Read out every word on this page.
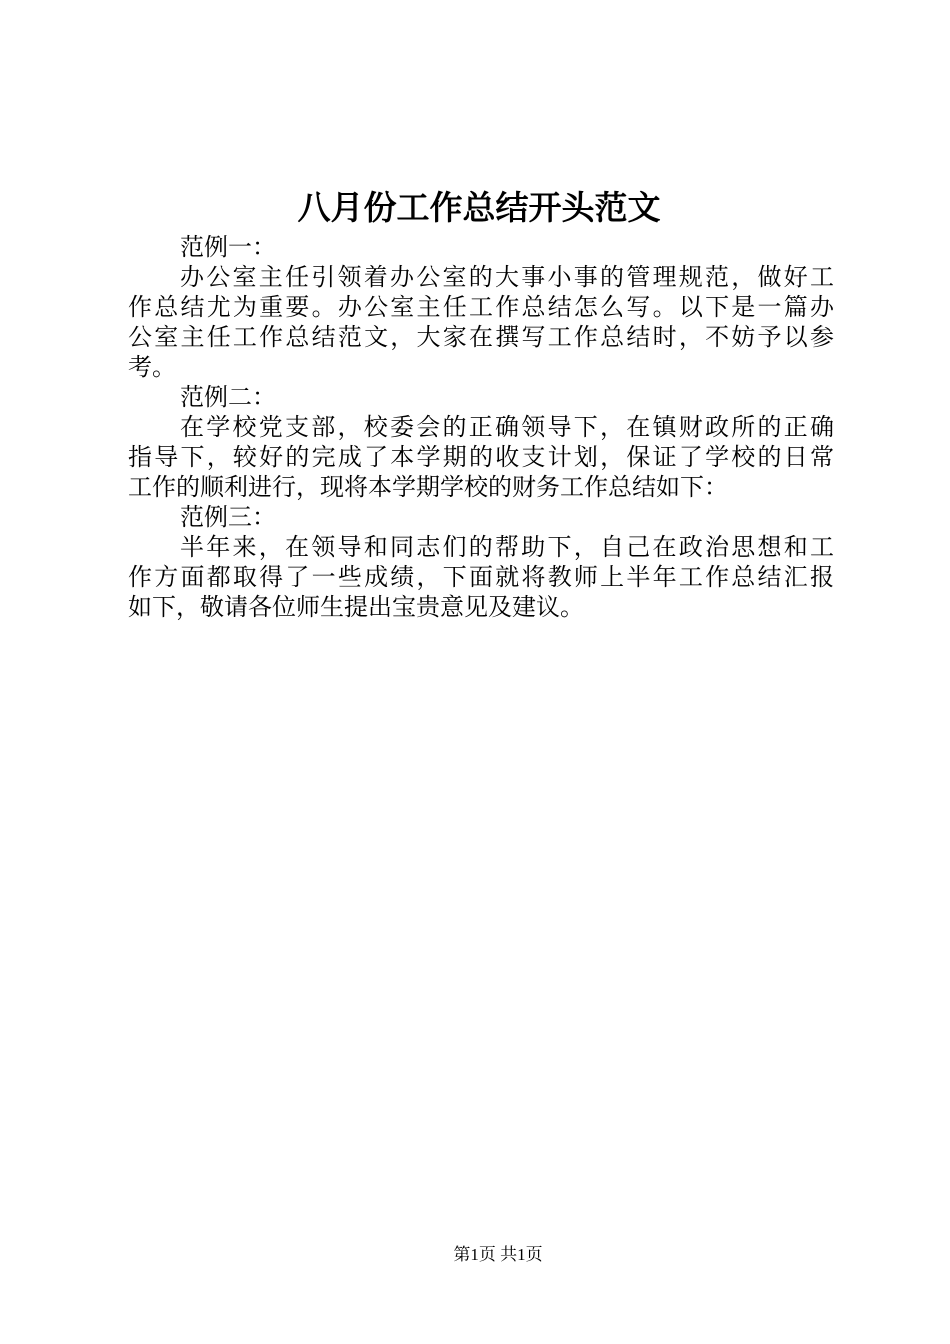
八月份工作总结开头范文
范例一：
办公室主任引领着办公室的大事小事的管理规范，做好工
作总结尤为重要。办公室主任工作总结怎么写。以下是一篇办
公室主任工作总结范文，大家在撰写工作总结时，不妨予以参
考。
范例二：
在学校党支部，校委会的正确领导下，在镇财政所的正确
指导下，较好的完成了本学期的收支计划，保证了学校的日常
工作的顺利进行，现将本学期学校的财务工作总结如下：
范例三：
半年来，在领导和同志们的帮助下，自己在政治思想和工
作方面都取得了一些成绩，下面就将教师上半年工作总结汇报
如下，敬请各位师生提出宝贵意见及建议。
第1页 共1页
